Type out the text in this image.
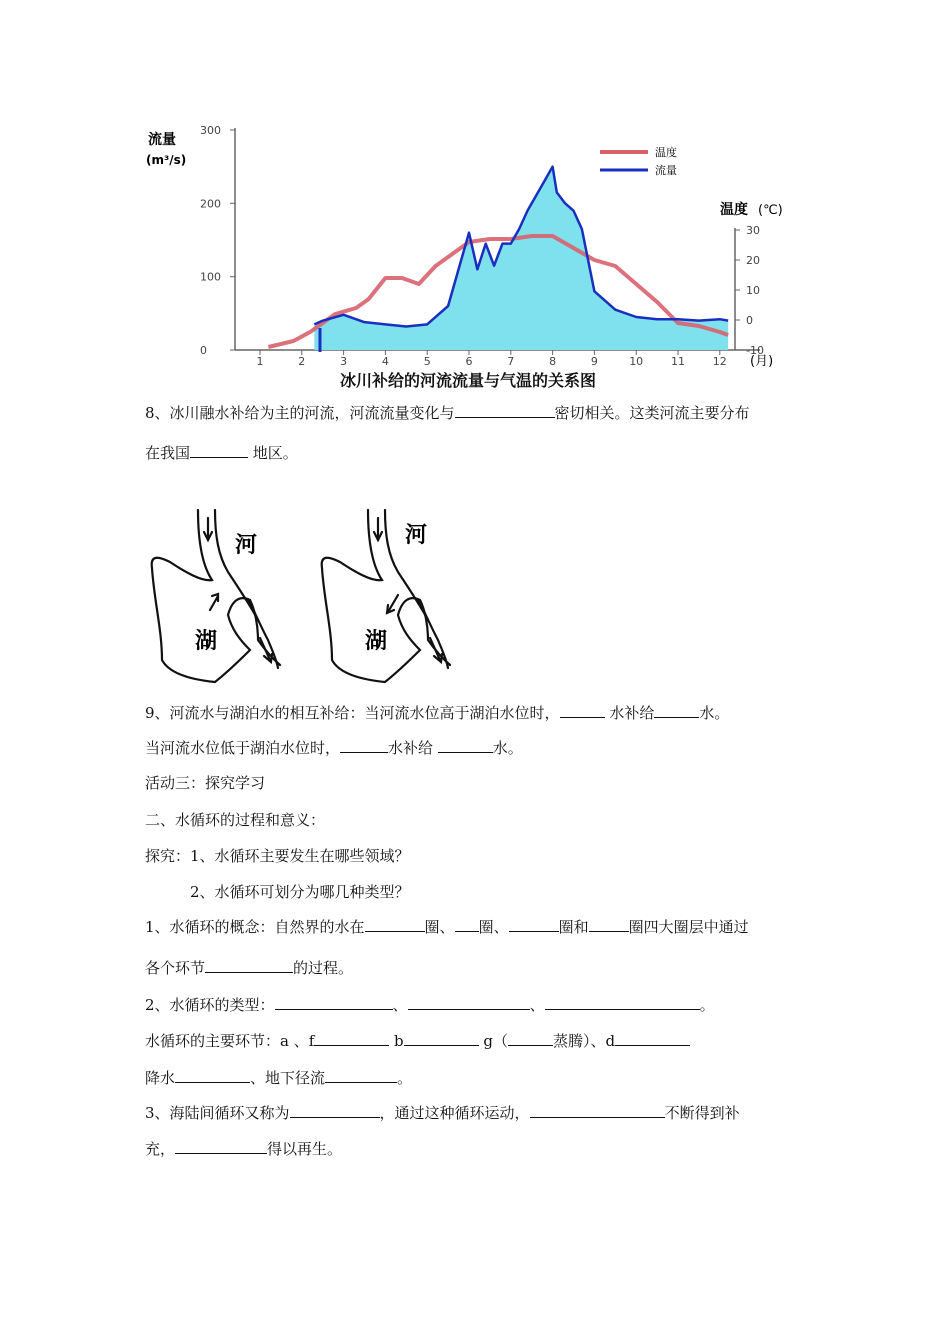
1	2	3	4	5	6	7	8	9	10	11	12
300
200
100
0
30
20
10
0
-10
流量
(m³/s)
温度 (℃)
(月)
温度
流量
冰川补给的河流流量与气温的关系图
8、冰川融水补给为主的河流，河流流量变化与	密切相关。这类河流主要分布
在我国	地区。
河
湖
河
湖
9、河流水与湖泊水的相互补给：当河流水位高于湖泊水位时，	水补给	水。
当河流水位低于湖泊水位时，	水补给	水。
活动三：探究学习
二、水循环的过程和意义：
探究：1、水循环主要发生在哪些领域？
2、水循环可划分为哪几种类型？
1、水循环的概念：自然界的水在	圈、 圈、	圈和	圈四大圈层中通过
各个环节	的过程。
2、水循环的类型：	、	、	。
水循环的主要环节：a 、f	b	g（	蒸腾）、d
降水	、地下径流	。
3、海陆间循环又称为	，通过这种循环运动，	不断得到补
充，	得以再生。
